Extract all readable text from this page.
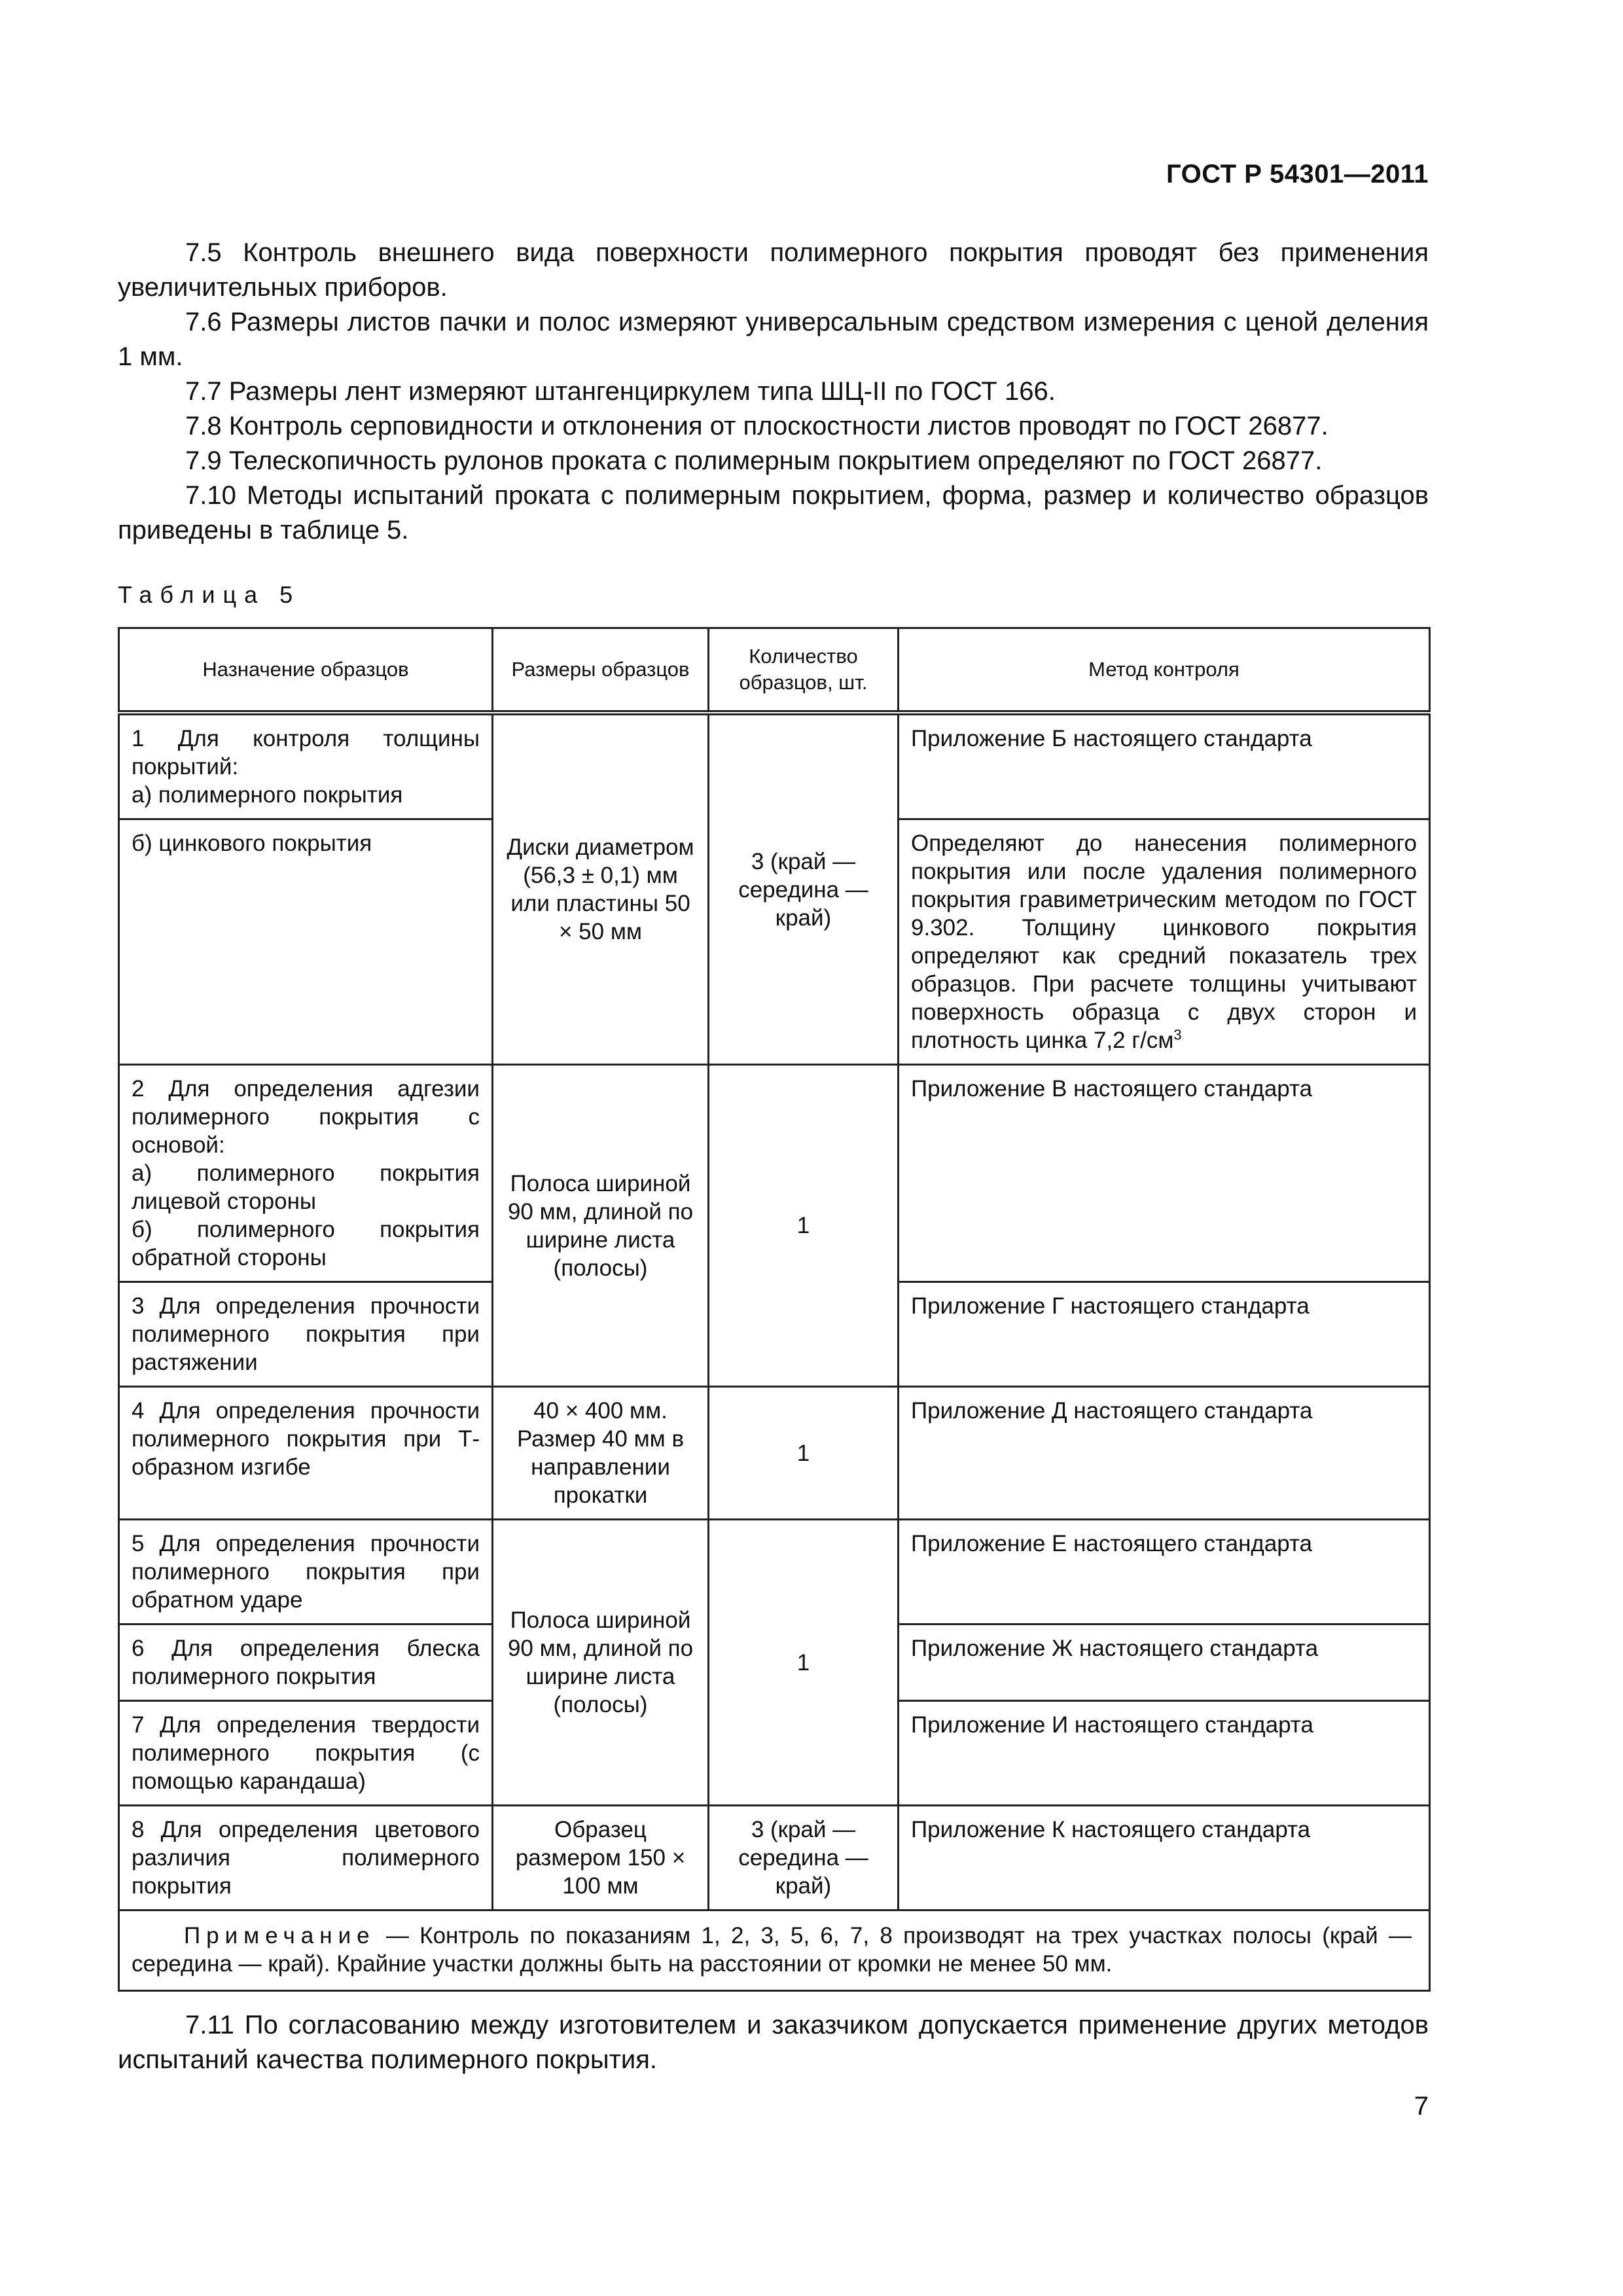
ГОСТ Р 54301—2011
7.5 Контроль внешнего вида поверхности полимерного покрытия проводят без применения увеличительных приборов.
7.6 Размеры листов пачки и полос измеряют универсальным средством измерения с ценой деления 1 мм.
7.7 Размеры лент измеряют штангенциркулем типа ШЦ-II по ГОСТ 166.
7.8 Контроль серповидности и отклонения от плоскостности листов проводят по ГОСТ 26877.
7.9 Телескопичность рулонов проката с полимерным покрытием определяют по ГОСТ 26877.
7.10 Методы испытаний проката с полимерным покрытием, форма, размер и количество образцов приведены в таблице 5.
Таблица 5
Назначение образцов	Размеры образцов	Количество образцов, шт.	Метод контроля
1 Для контроля толщины покрытий:
а) полимерного покрытия	Диски диаметром (56,3 ± 0,1) мм или пластины 50 × 50 мм	3 (край — середина — край)	Приложение Б настоящего стандарта
б) цинкового покрытия			Определяют до нанесения полимерного покрытия или после удаления полимерного покрытия гравиметрическим методом по ГОСТ 9.302. Толщину цинкового покрытия определяют как средний показатель трех образцов. При расчете толщины учитывают поверхность образца с двух сторон и плотность цинка 7,2 $г/см^3$
2 Для определения адгезии полимерного покрытия с основой:
а) полимерного покрытия лицевой стороны
б) полимерного покрытия обратной стороны	Полоса шириной 90 мм, длиной по ширине листа (полосы)	1	Приложение В настоящего стандарта
3 Для определения прочности полимерного покрытия при растяжении			Приложение Г настоящего стандарта
4 Для определения прочности полимерного покрытия при Т-образном изгибе	40 × 400 мм. Размер 40 мм в направлении прокатки	1	Приложение Д настоящего стандарта
5 Для определения прочности полимерного покрытия при обратном ударе	Полоса шириной 90 мм, длиной по ширине листа (полосы)	1	Приложение Е настоящего стандарта
6 Для определения блеска полимерного покрытия			Приложение Ж настоящего стандарта
7 Для определения твердости полимерного покрытия (с помощью карандаша)			Приложение И настоящего стандарта
8 Для определения цветового различия полимерного покрытия	Образец размером 150 × 100 мм	3 (край — середина — край)	Приложение К настоящего стандарта
Примечание — Контроль по показаниям 1, 2, 3, 5, 6, 7, 8 производят на трех участках полосы (край — середина — край). Крайние участки должны быть на расстоянии от кромки не менее 50 мм.			
7.11 По согласованию между изготовителем и заказчиком допускается применение других методов испытаний качества полимерного покрытия.
7
